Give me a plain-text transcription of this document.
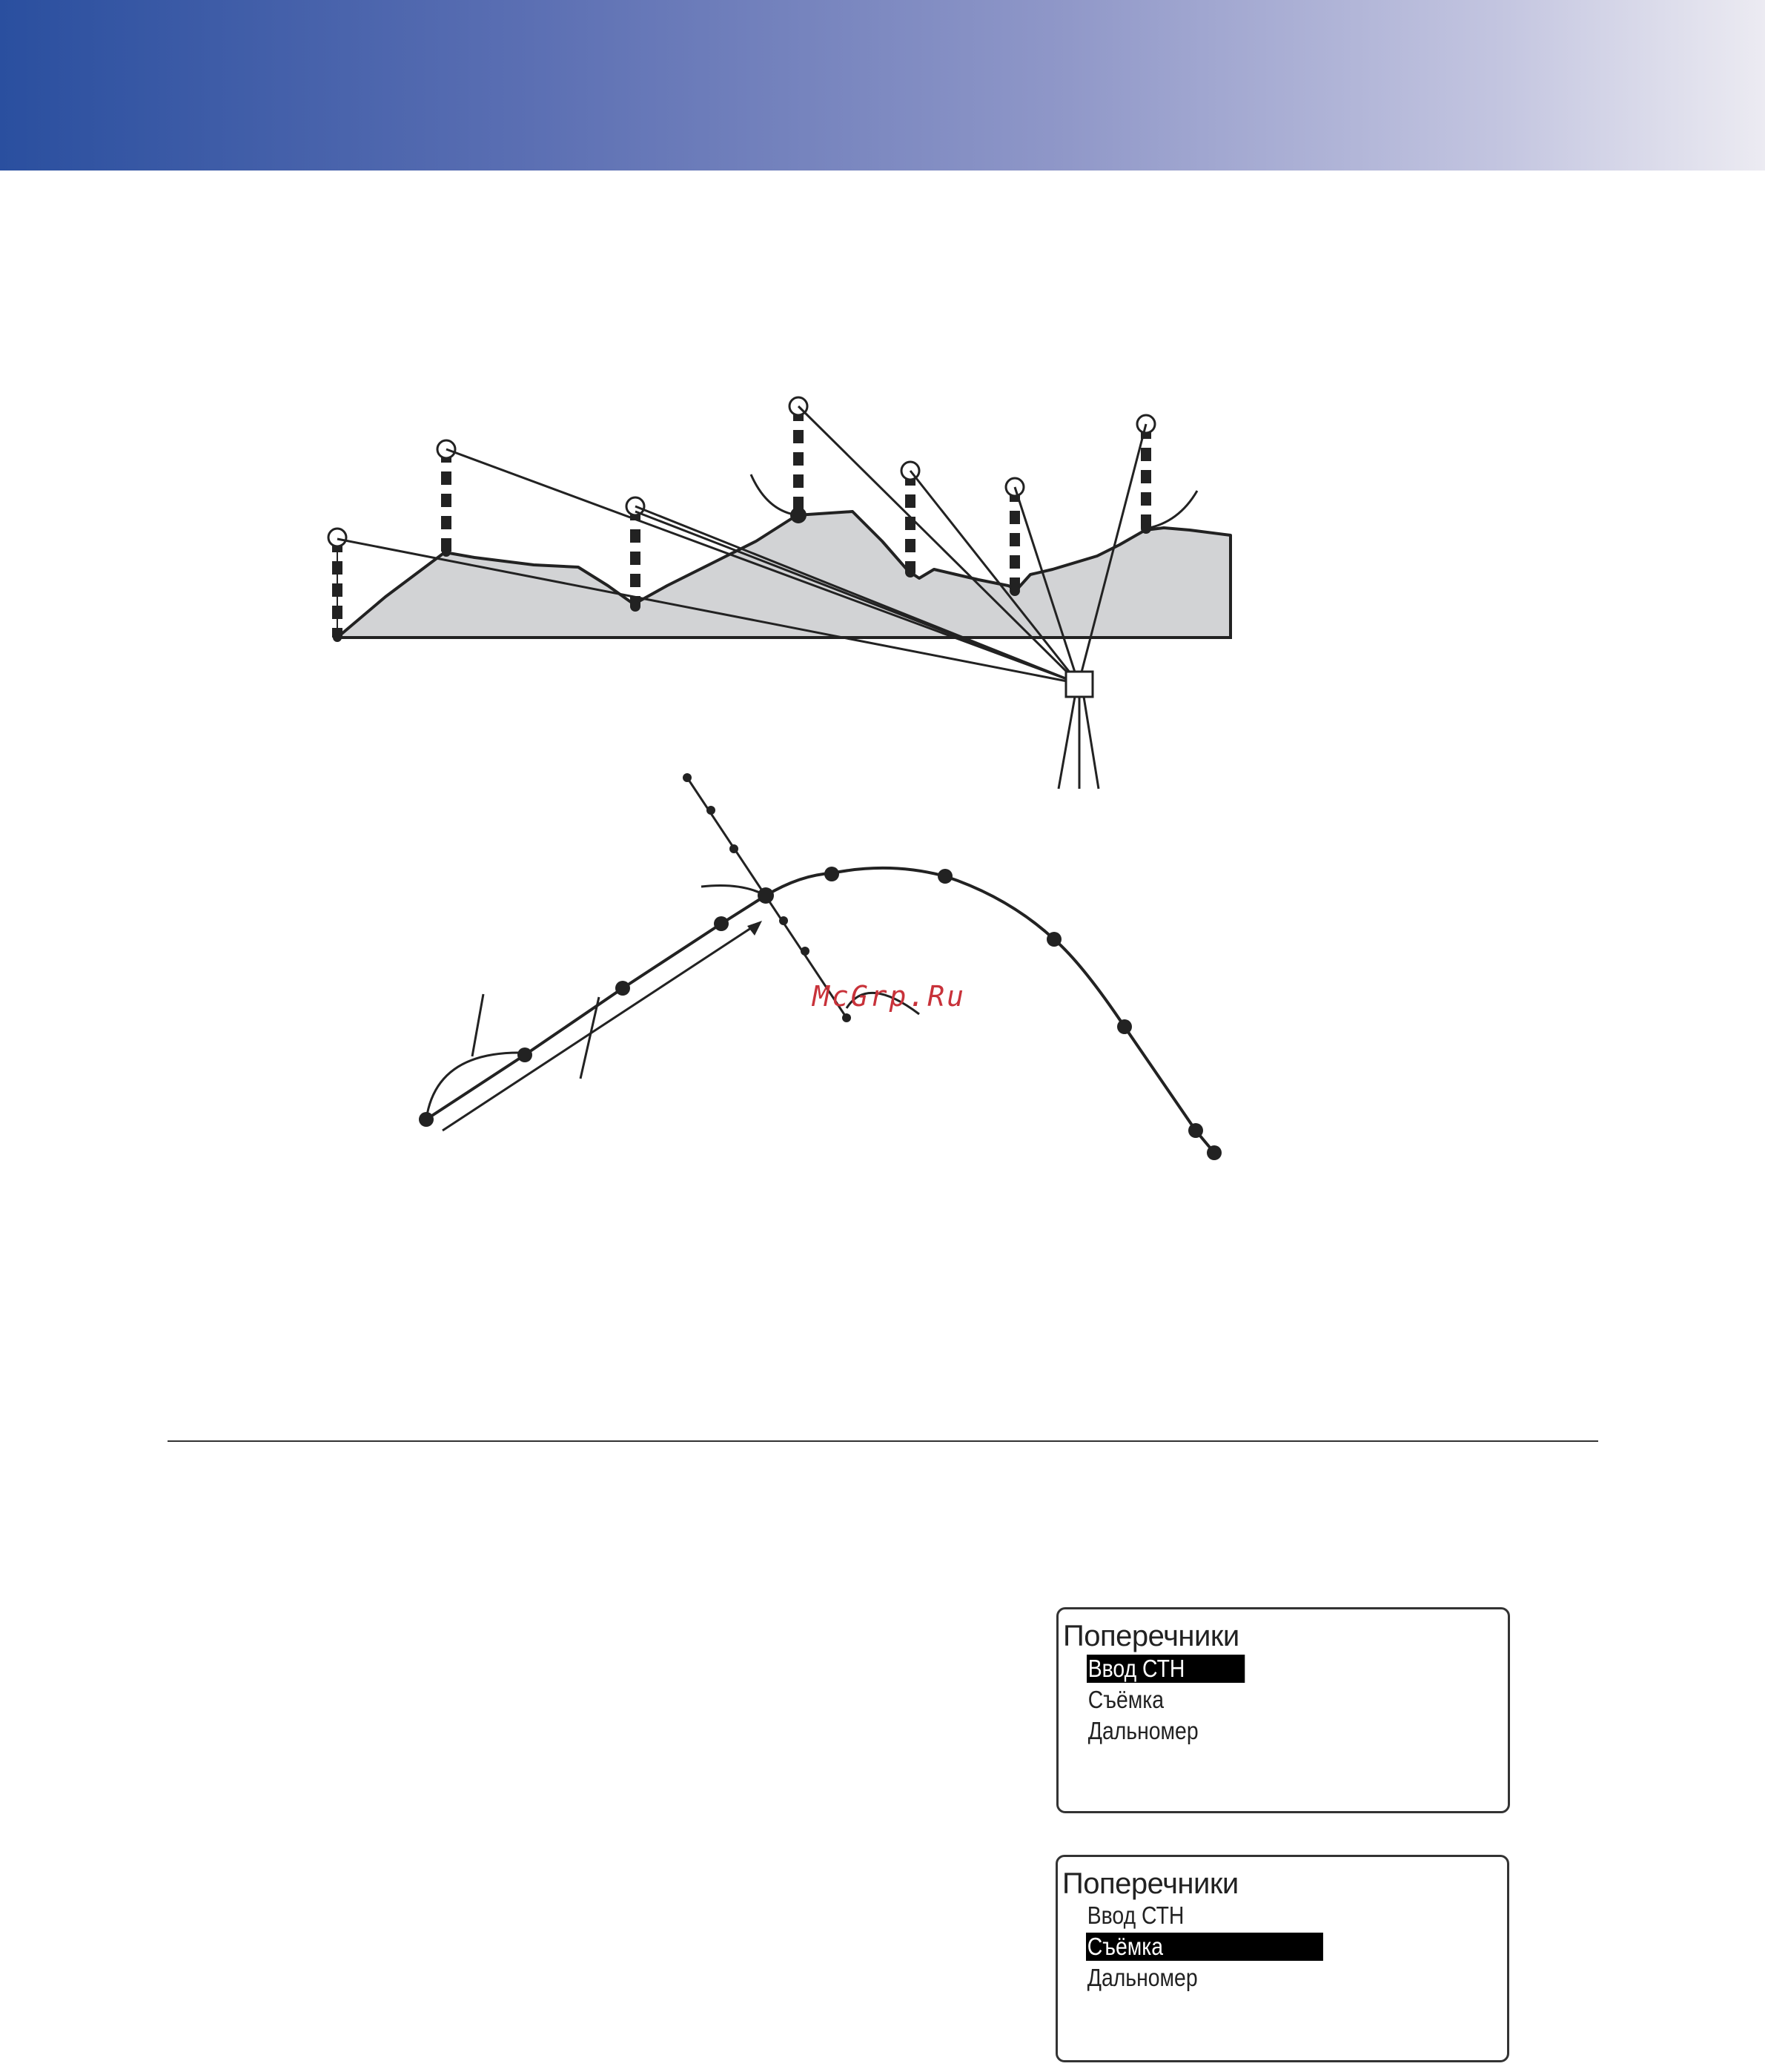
McGrp.Ru
Поперечники
Ввод СТН
Съёмка
Дальномер
Поперечники
Ввод СТН
Съёмка
Дальномер
